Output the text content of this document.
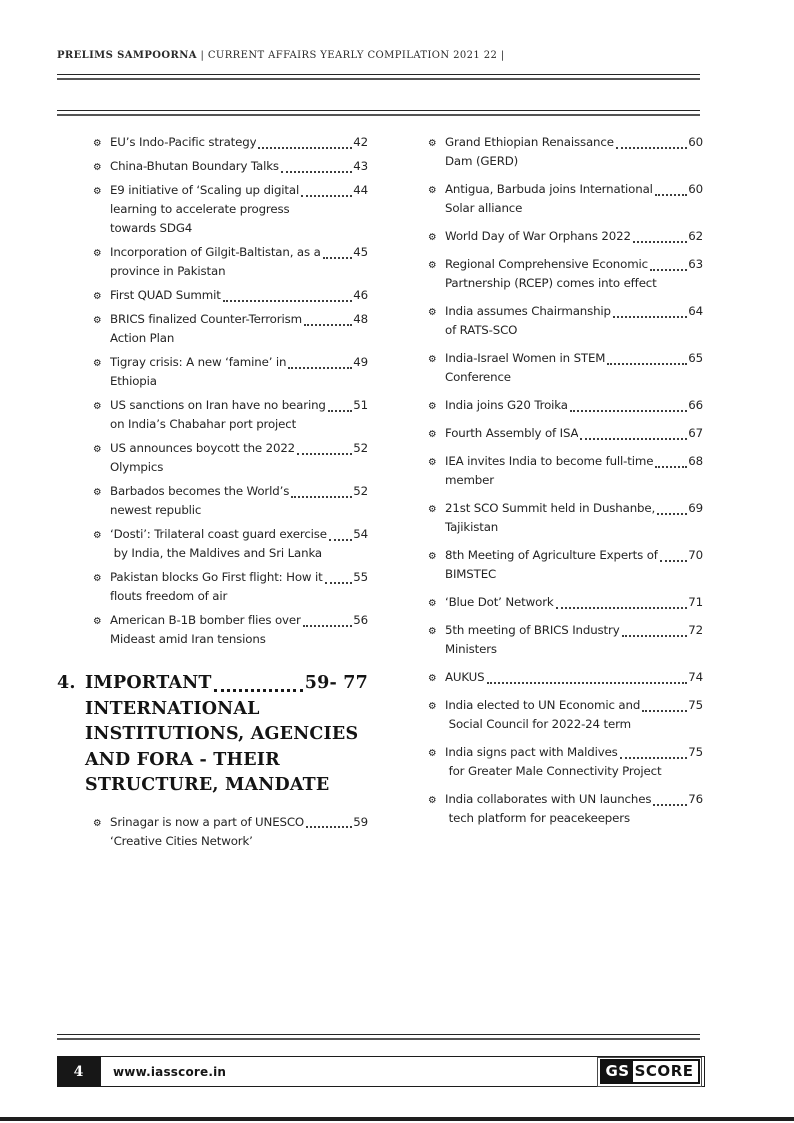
PRELIMS SAMPOORNA | CURRENT AFFAIRS YEARLY COMPILATION 2021 22 |
⚙ EU’s Indo-Pacific strategy	42
⚙ China-Bhutan Boundary Talks	43
⚙ E9 initiative of ‘Scaling up digital	44
learning to accelerate progress
towards SDG4
⚙ Incorporation of Gilgit-Baltistan, as a	45
province in Pakistan
⚙ First QUAD Summit	46
⚙ BRICS finalized Counter-Terrorism	48
Action Plan
⚙ Tigray crisis: A new ‘famine’ in	49
Ethiopia
⚙ US sanctions on Iran have no bearing 51
on India’s Chabahar port project
⚙ US announces boycott the 2022	52
Olympics
⚙ Barbados becomes the World’s	52
newest republic
⚙ ‘Dosti’: Trilateral coast guard exercise 54
by India, the Maldives and Sri Lanka
⚙ Pakistan blocks Go First flight: How it	55
flouts freedom of air
⚙ American B-1B bomber flies over	56
Mideast amid Iran tensions
4. IMPORTANT	59- 77
INTERNATIONAL
INSTITUTIONS, AGENCIES
AND FORA - THEIR
STRUCTURE, MANDATE
⚙ Srinagar is now a part of UNESCO	59
‘Creative Cities Network’
⚙ Grand Ethiopian Renaissance	60
Dam (GERD)
⚙ Antigua, Barbuda joins International	60
Solar alliance
⚙ World Day of War Orphans 2022	62
⚙ Regional Comprehensive Economic	63
Partnership (RCEP) comes into effect
⚙ India assumes Chairmanship	64
of RATS-SCO
⚙ India-Israel Women in STEM	65
Conference
⚙ India joins G20 Troika	66
⚙ Fourth Assembly of ISA	67
⚙ IEA invites India to become full-time	68
member
⚙ 21st SCO Summit held in Dushanbe,	69
Tajikistan
⚙ 8th Meeting of Agriculture Experts of	70
BIMSTEC
⚙ ‘Blue Dot’ Network	71
⚙ 5th meeting of BRICS Industry	72
Ministers
⚙ AUKUS	74
⚙ India elected to UN Economic and	75
Social Council for 2022-24 term
⚙ India signs pact with Maldives	75
for Greater Male Connectivity Project
⚙ India collaborates with UN launches	76
tech platform for peacekeepers
4	www.iasscore.in	GS SCORE
